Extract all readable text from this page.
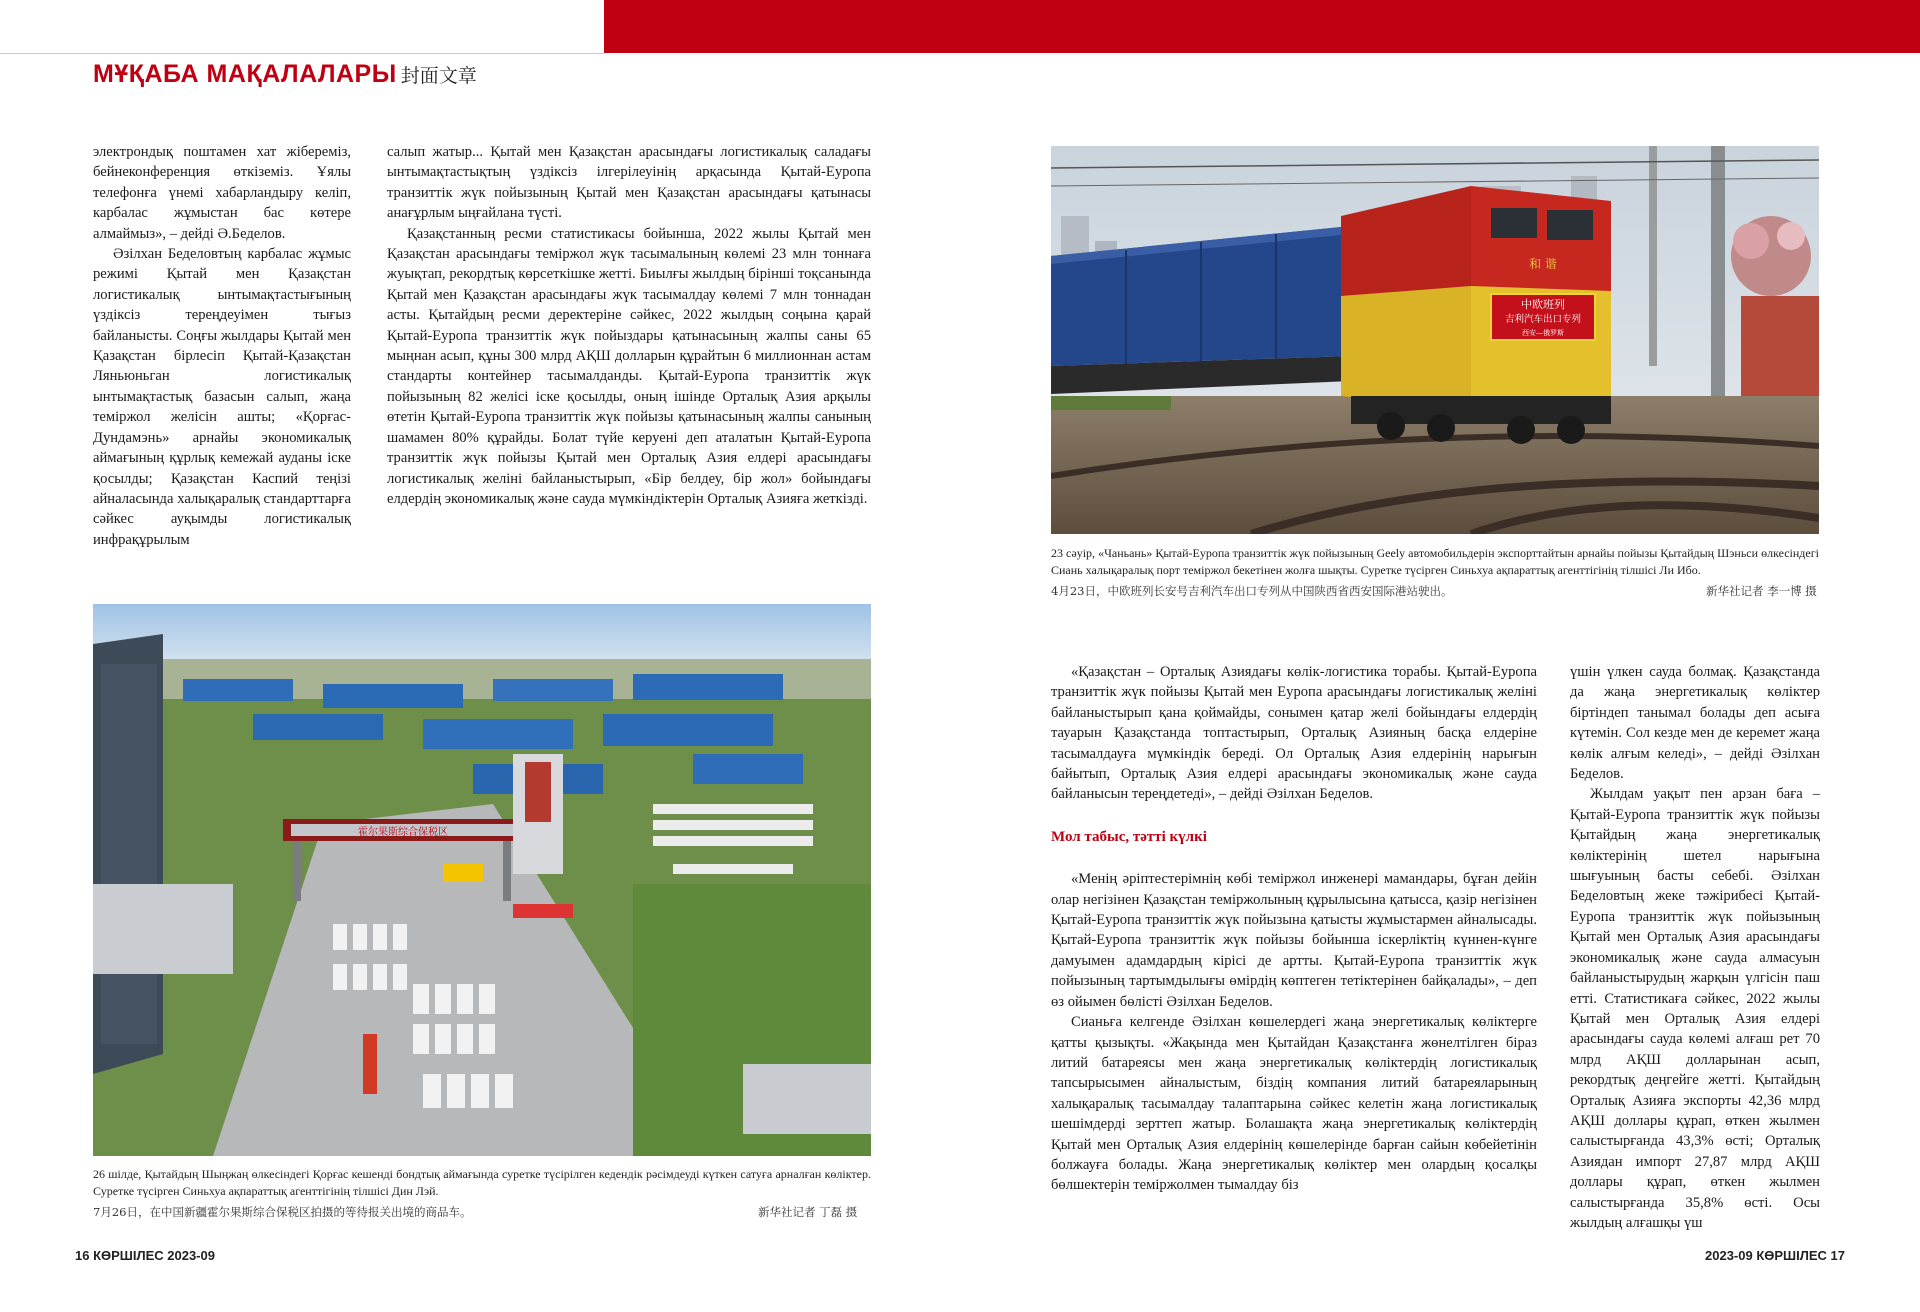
МҰҚАБА МАҚАЛАЛАРЫ 封面文章

электрондық поштамен хат жібереміз, бейнеконференция өткіземіз. Ұялы телефонға үнемі хабарландыру келіп, карбалас жұмыстан бас көтере алмаймыз», – дейді Ә.Беделов.

Әзілхан Беделовтың карбалас жұмыс режимі Қытай мен Қазақстан логистикалық ынтымақтастығының үздіксіз тереңдеуімен тығыз байланысты. Соңғы жылдары Қытай мен Қазақстан бірлесіп Қытай-Қазақстан Ляньюньган логистикалық ынтымақтастық базасын салып, жаңа теміржол желісін ашты; «Қорғас-Дундамэнь» арнайы экономикалық аймағының құрлық кемежай ауданы іске қосылды; Қазақстан Каспий теңізі айналасында халықаралық стандарттарға сәйкес ауқымды логистикалық инфрақұрылым

салып жатыр... Қытай мен Қазақстан арасындағы логистикалық саладағы ынтымақтастықтың үздіксіз ілгерілеуінің арқасында Қытай-Еуропа транзиттік жүк пойызының Қытай мен Қазақстан арасындағы қатынасы анағұрлым ыңғайлана түсті.

Қазақстанның ресми статистикасы бойынша, 2022 жылы Қытай мен Қазақстан арасындағы теміржол жүк тасымалының көлемі 23 млн тоннаға жуықтап, рекордтық көрсеткішке жетті. Биылғы жылдың бірінші тоқсанында Қытай мен Қазақстан арасындағы жүк тасымалдау көлемі 7 млн тоннадан асты. Қытайдың ресми деректеріне сәйкес, 2022 жылдың соңына қарай Қытай-Еуропа транзиттік жүк пойыздары қатынасының жалпы саны 65 мыңнан асып, құны 300 млрд АҚШ долларын құрайтын 6 миллионнан астам стандарты контейнер тасымалданды. Қытай-Еуропа транзиттік жүк пойызының 82 желісі іске қосылды, оның ішінде Орталық Азия арқылы өтетін Қытай-Еуропа транзиттік жүк пойызы қатынасының жалпы санының шамамен 80% құрайды. Болат түйе керуені деп аталатын Қытай-Еуропа транзиттік жүк пойызы Қытай мен Орталық Азия елдері арасындағы логистикалық желіні байланыстырып, «Бір белдеу, бір жол» бойындағы елдердің экономикалық және сауда мүмкіндіктерін Орталық Азияға жеткізді.

中欧班列
吉利汽车出口专列
西安—俄罗斯
和 谐
23 сәуір, «Чаньань» Қытай-Еуропа транзиттік жүк пойызының Geely автомобильдерін экспорттайтын арнайы пойызы Қытайдың Шэньси өлкесіндегі Сиань халықаралық порт теміржол бекетінен жолға шықты. Суретке түсірген Синьхуа ақпараттық агенттігінің тілшісі Ли Ибо.
4月23日，中欧班列长安号吉利汽车出口专列从中国陕西省西安国际港站驶出。	新华社记者 李一博 摄
霍尔果斯综合保税区
26 шілде, Қытайдың Шыңжаң өлкесіндегі Қорғас кешенді бондтық аймағында суретке түсірілген кедендік рәсімдеуді күткен сатуға арналған көліктер. Суретке түсірген Синьхуа ақпараттық агенттігінің тілшісі Дин Лэй.
7月26日，在中国新疆霍尔果斯综合保税区拍摄的等待报关出境的商品车。	新华社记者 丁磊 摄

«Қазақстан – Орталық Азиядағы көлік-логистика торабы. Қытай-Еуропа транзиттік жүк пойызы Қытай мен Еуропа арасындағы логистикалық желіні байланыстырып қана қоймайды, сонымен қатар желі бойындағы елдердің тауарын Қазақстанда топтастырып, Орталық Азияның басқа елдеріне тасымалдауға мүмкіндік береді. Ол Орталық Азия елдерінің нарығын байытып, Орталық Азия елдері арасындағы экономикалық және сауда байланысын тереңдетеді», – дейді Әзілхан Беделов.

Мол табыс, тәтті күлкі

«Менің әріптестерімнің көбі теміржол инженері мамандары, бұған дейін олар негізінен Қазақстан теміржолының құрылысына қатысса, қазір негізінен Қытай-Еуропа транзиттік жүк пойызына қатысты жұмыстармен айналысады. Қытай-Еуропа транзиттік жүк пойызы бойынша іскерліктің күннен-күнге дамуымен адамдардың кірісі де артты. Қытай-Еуропа транзиттік жүк пойызының тартымдылығы өмірдің көптеген тетіктерінен байқалады», – деп өз ойымен бөлісті Әзілхан Беделов.

Сианьға келгенде Әзілхан көшелердегі жаңа энергетикалық көліктерге қатты қызықты. «Жақында мен Қытайдан Қазақстанға жөнелтілген біраз литий батареясы мен жаңа энергетикалық көліктердің логистикалық тапсырысымен айналыстым, біздің компания литий батареяларының халықаралық тасымалдау талаптарына сәйкес келетін жаңа логистикалық шешімдерді зерттеп жатыр. Болашақта жаңа энергетикалық көліктердің Қытай мен Орталық Азия елдерінің көшелерінде барған сайын көбейетінін болжауға болады. Жаңа энергетикалық көліктер мен олардың қосалқы бөлшектерін теміржолмен тымалдау біз

үшін үлкен сауда болмақ. Қазақстанда да жаңа энергетикалық көліктер біртіндеп танымал болады деп асыға күтемін. Сол кезде мен де керемет жаңа көлік алғым келеді», – дейді Әзілхан Беделов.

Жылдам уақыт пен арзан баға – Қытай-Еуропа транзиттік жүк пойызы Қытайдың жаңа энергетикалық көліктерінің шетел нарығына шығуының басты себебі. Әзілхан Беделовтың жеке тәжірибесі Қытай-Еуропа транзиттік жүк пойызының Қытай мен Орталық Азия арасындағы экономикалық және сауда алмасуын байланыстырудың жарқын үлгісін паш етті. Статистикаға сәйкес, 2022 жылы Қытай мен Орталық Азия елдері арасындағы сауда көлемі алғаш рет 70 млрд АҚШ долларынан асып, рекордтық деңгейге жетті. Қытайдың Орталық Азияға экспорты 42,36 млрд АҚШ доллары құрап, өткен жылмен салыстырғанда 43,3% өсті; Орталық Азиядан импорт 27,87 млрд АҚШ доллары құрап, өткен жылмен салыстырғанда 35,8% өсті. Осы жылдың алғашқы үш

16 КӨРШІЛЕС 2023-09	2023-09 КӨРШІЛЕС 17
